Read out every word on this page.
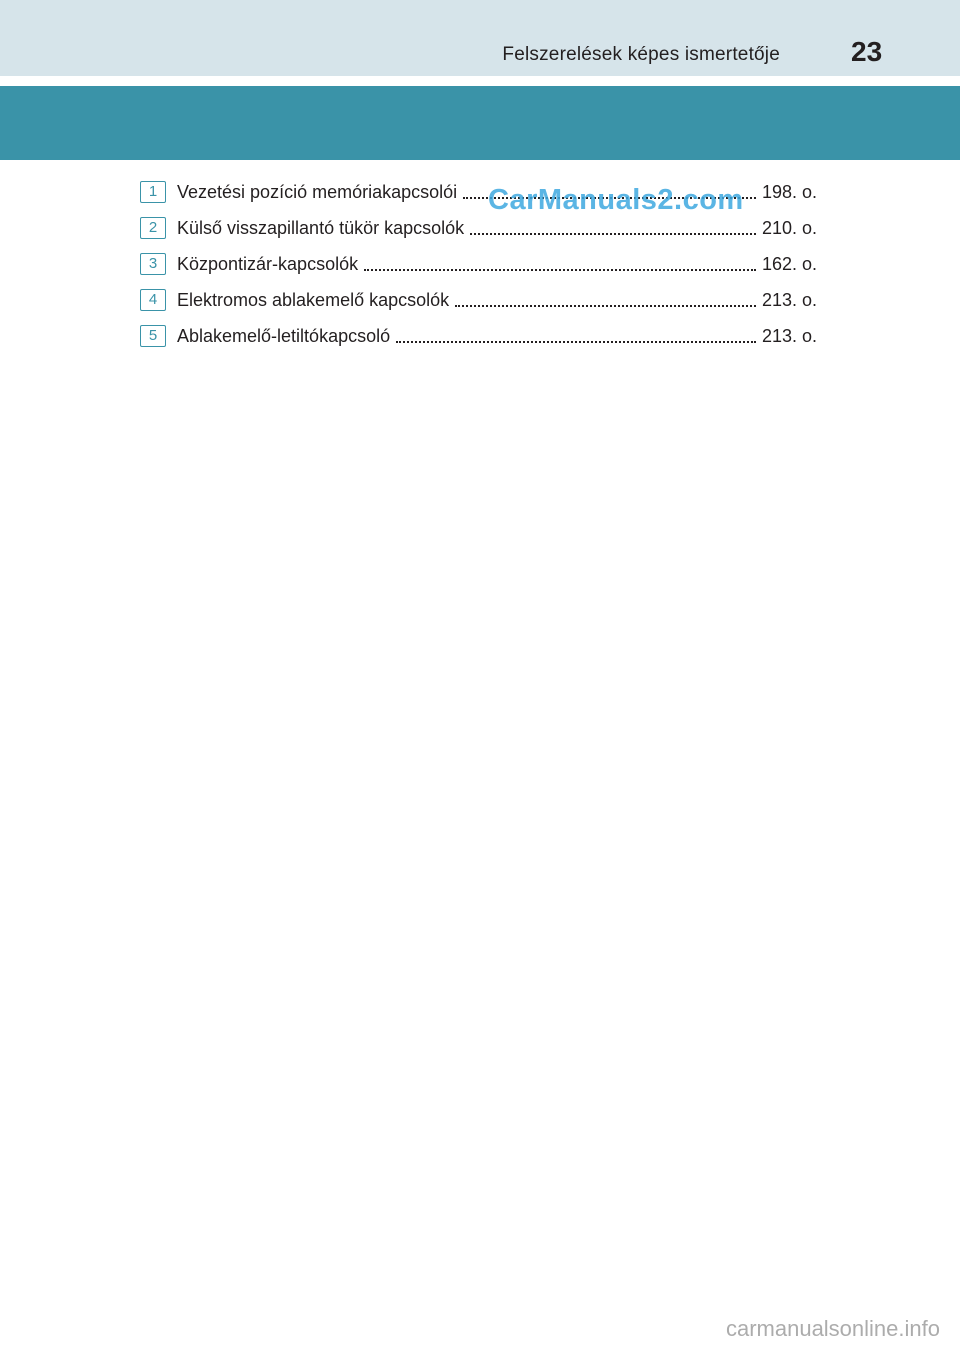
Felszerelések képes ismertetője	23
1	Vezetési pozíció memóriakapcsolói	198. o.
2	Külső visszapillantó tükör kapcsolók	210. o.
3	Központizár-kapcsolók	162. o.
4	Elektromos ablakemelő kapcsolók	213. o.
5	Ablakemelő-letiltókapcsoló	213. o.
CarManuals2.com
carmanualsonline.info
